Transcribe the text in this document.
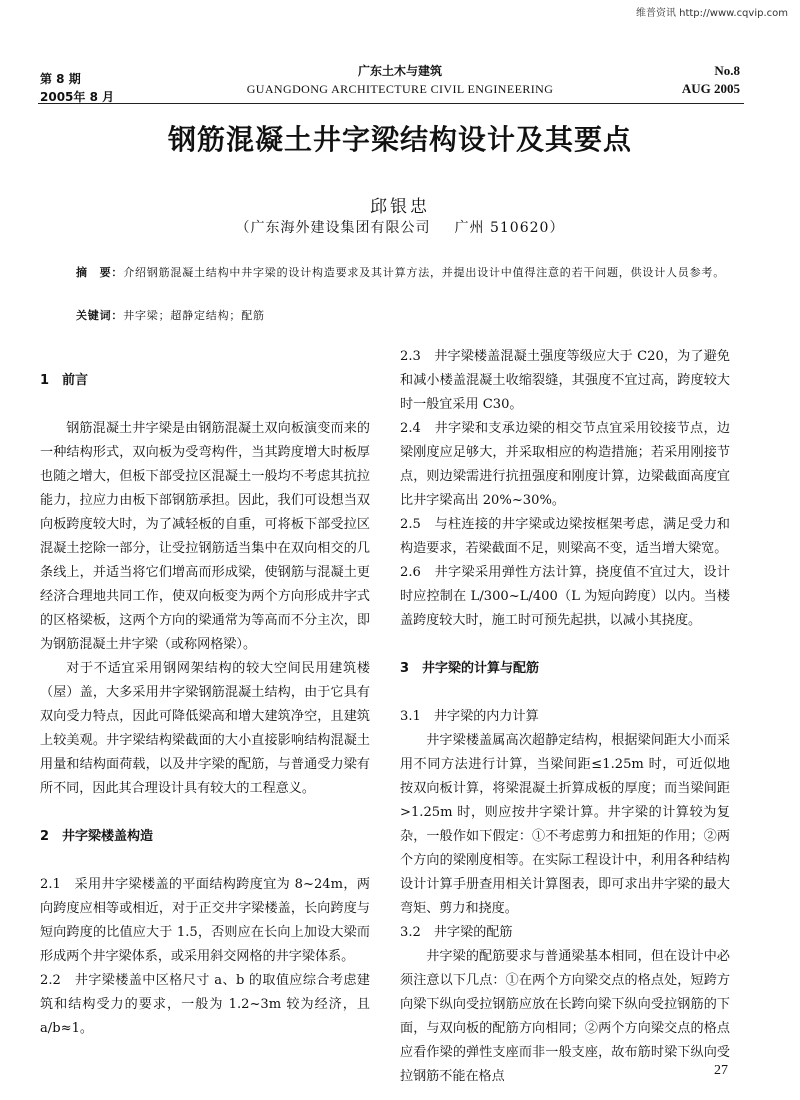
维普资讯 http://www.cqvip.com
第 8 期
2005年 8 月
广东土木与建筑
GUANGDONG ARCHITECTURE CIVIL ENGINEERING
No.8
AUG 2005
钢筋混凝土井字梁结构设计及其要点
邱银忠
（广东海外建设集团有限公司 广州 510620）
摘　要：介绍钢筋混凝土结构中井字梁的设计构造要求及其计算方法，并提出设计中值得注意的若干问题，供设计人员参考。
关键词：井字梁；超静定结构；配筋

1　前言

钢筋混凝土井字梁是由钢筋混凝土双向板演变而来的一种结构形式，双向板为受弯构件，当其跨度增大时板厚也随之增大，但板下部受拉区混凝土一般均不考虑其抗拉能力，拉应力由板下部钢筋承担。因此，我们可设想当双向板跨度较大时，为了减轻板的自重，可将板下部受拉区混凝土挖除一部分，让受拉钢筋适当集中在双向相交的几条线上，并适当将它们增高而形成梁，使钢筋与混凝土更经济合理地共同工作，使双向板变为两个方向形成井字式的区格梁板，这两个方向的梁通常为等高而不分主次，即为钢筋混凝土井字梁（或称网格梁）。

对于不适宜采用钢网架结构的较大空间民用建筑楼（屋）盖，大多采用井字梁钢筋混凝土结构，由于它具有双向受力特点，因此可降低梁高和增大建筑净空，且建筑上较美观。井字梁结构梁截面的大小直接影响结构混凝土用量和结构面荷载，以及井字梁的配筋，与普通受力梁有所不同，因此其合理设计具有较大的工程意义。

2　井字梁楼盖构造

2.1　采用井字梁楼盖的平面结构跨度宜为 8~24m，两向跨度应相等或相近，对于正交井字梁楼盖，长向跨度与短向跨度的比值应大于 1.5，否则应在长向上加设大梁而形成两个井字梁体系，或采用斜交网格的井字梁体系。

2.2　井字梁楼盖中区格尺寸 a、b 的取值应综合考虑建筑和结构受力的要求，一般为 1.2~3m 较为经济，且 a/b≈1。

2.3　井字梁楼盖混凝土强度等级应大于 C20，为了避免和减小楼盖混凝土收缩裂缝，其强度不宜过高，跨度较大时一般宜采用 C30。

2.4　井字梁和支承边梁的相交节点宜采用铰接节点，边梁刚度应足够大，并采取相应的构造措施；若采用刚接节点，则边梁需进行抗扭强度和刚度计算，边梁截面高度宜比井字梁高出 20%~30%。

2.5　与柱连接的井字梁或边梁按框架考虑，满足受力和构造要求，若梁截面不足，则梁高不变，适当增大梁宽。

2.6　井字梁采用弹性方法计算，挠度值不宜过大，设计时应控制在 L/300~L/400（L 为短向跨度）以内。当楼盖跨度较大时，施工时可预先起拱，以减小其挠度。

3　井字梁的计算与配筋

3.1　井字梁的内力计算

井字梁楼盖属高次超静定结构，根据梁间距大小而采用不同方法进行计算，当梁间距≤1.25m 时，可近似地按双向板计算，将梁混凝土折算成板的厚度；而当梁间距>1.25m 时，则应按井字梁计算。井字梁的计算较为复杂，一般作如下假定：①不考虑剪力和扭矩的作用；②两个方向的梁刚度相等。在实际工程设计中，利用各种结构设计计算手册查用相关计算图表，即可求出井字梁的最大弯矩、剪力和挠度。

3.2　井字梁的配筋

井字梁的配筋要求与普通梁基本相同，但在设计中必须注意以下几点：①在两个方向梁交点的格点处，短跨方向梁下纵向受拉钢筋应放在长跨向梁下纵向受拉钢筋的下面，与双向板的配筋方向相同；②两个方向梁交点的格点应看作梁的弹性支座而非一般支座，故布筋时梁下纵向受拉钢筋不能在格点	27
